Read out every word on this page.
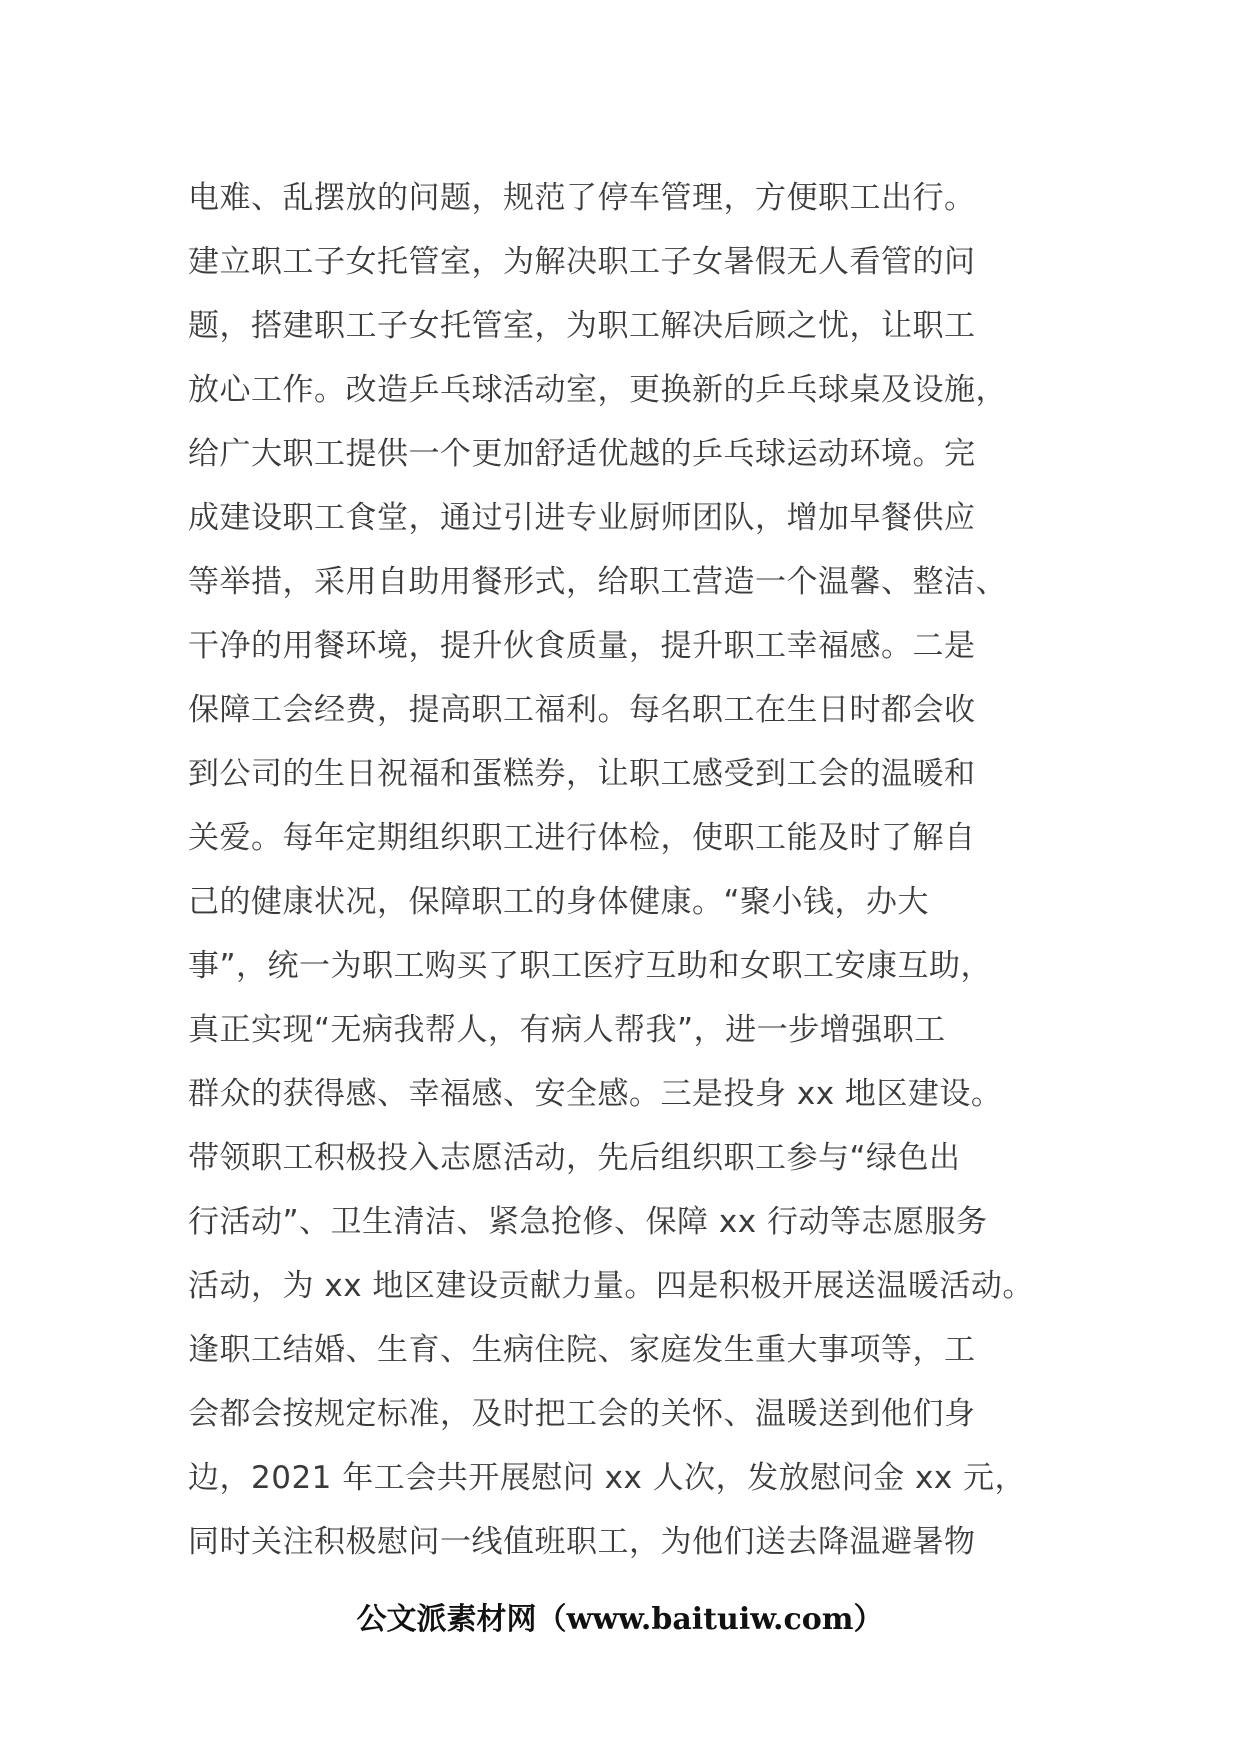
电难、乱摆放的问题，规范了停车管理，方便职工出行。
建立职工子女托管室，为解决职工子女暑假无人看管的问
题，搭建职工子女托管室，为职工解决后顾之忧，让职工
放心工作。改造乒乓球活动室，更换新的乒乓球桌及设施，
给广大职工提供一个更加舒适优越的乒乓球运动环境。完
成建设职工食堂，通过引进专业厨师团队，增加早餐供应
等举措，采用自助用餐形式，给职工营造一个温馨、整洁、
干净的用餐环境，提升伙食质量，提升职工幸福感。二是
保障工会经费，提高职工福利。每名职工在生日时都会收
到公司的生日祝福和蛋糕券，让职工感受到工会的温暖和
关爱。每年定期组织职工进行体检，使职工能及时了解自
己的健康状况，保障职工的身体健康。“聚小钱，办大
事”，统一为职工购买了职工医疗互助和女职工安康互助，
真正实现“无病我帮人，有病人帮我”，进一步增强职工
群众的获得感、幸福感、安全感。三是投身 xx 地区建设。
带领职工积极投入志愿活动，先后组织职工参与“绿色出
行活动”、卫生清洁、紧急抢修、保障 xx 行动等志愿服务
活动，为 xx 地区建设贡献力量。四是积极开展送温暖活动。
逢职工结婚、生育、生病住院、家庭发生重大事项等，工
会都会按规定标准，及时把工会的关怀、温暖送到他们身
边，2021 年工会共开展慰问 xx 人次，发放慰问金 xx 元，
同时关注积极慰问一线值班职工，为他们送去降温避暑物
公文派素材网（www.baituiw.com）
